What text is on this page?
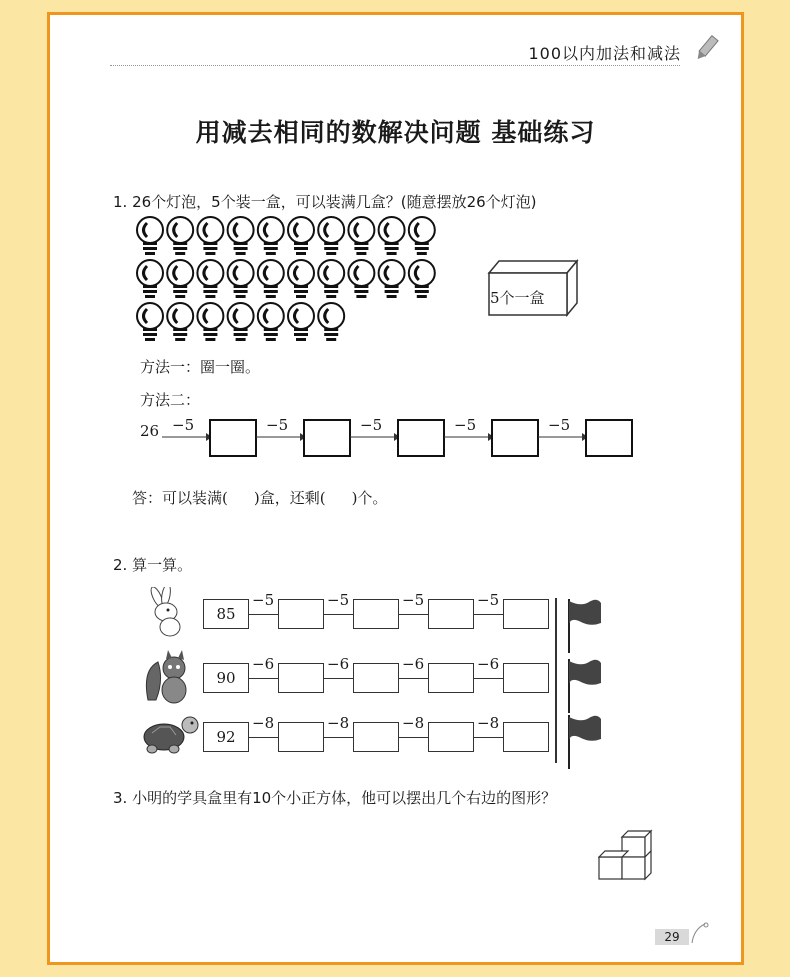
100以内加法和减法
用减去相同的数解决问题 基础练习
1. 26个灯泡，5个装一盒，可以装满几盒？(随意摆放26个灯泡)
5个一盒
方法一：圈一圈。
方法二：
26 −5	−5	−5	−5	−5
答：可以装满( )盒，还剩( )个。
2. 算一算。
85
−5	−5	−5	−5
90
−6	−6	−6	−6
92
−8	−8	−8	−8
3. 小明的学具盒里有10个小正方体，他可以摆出几个右边的图形？
29
